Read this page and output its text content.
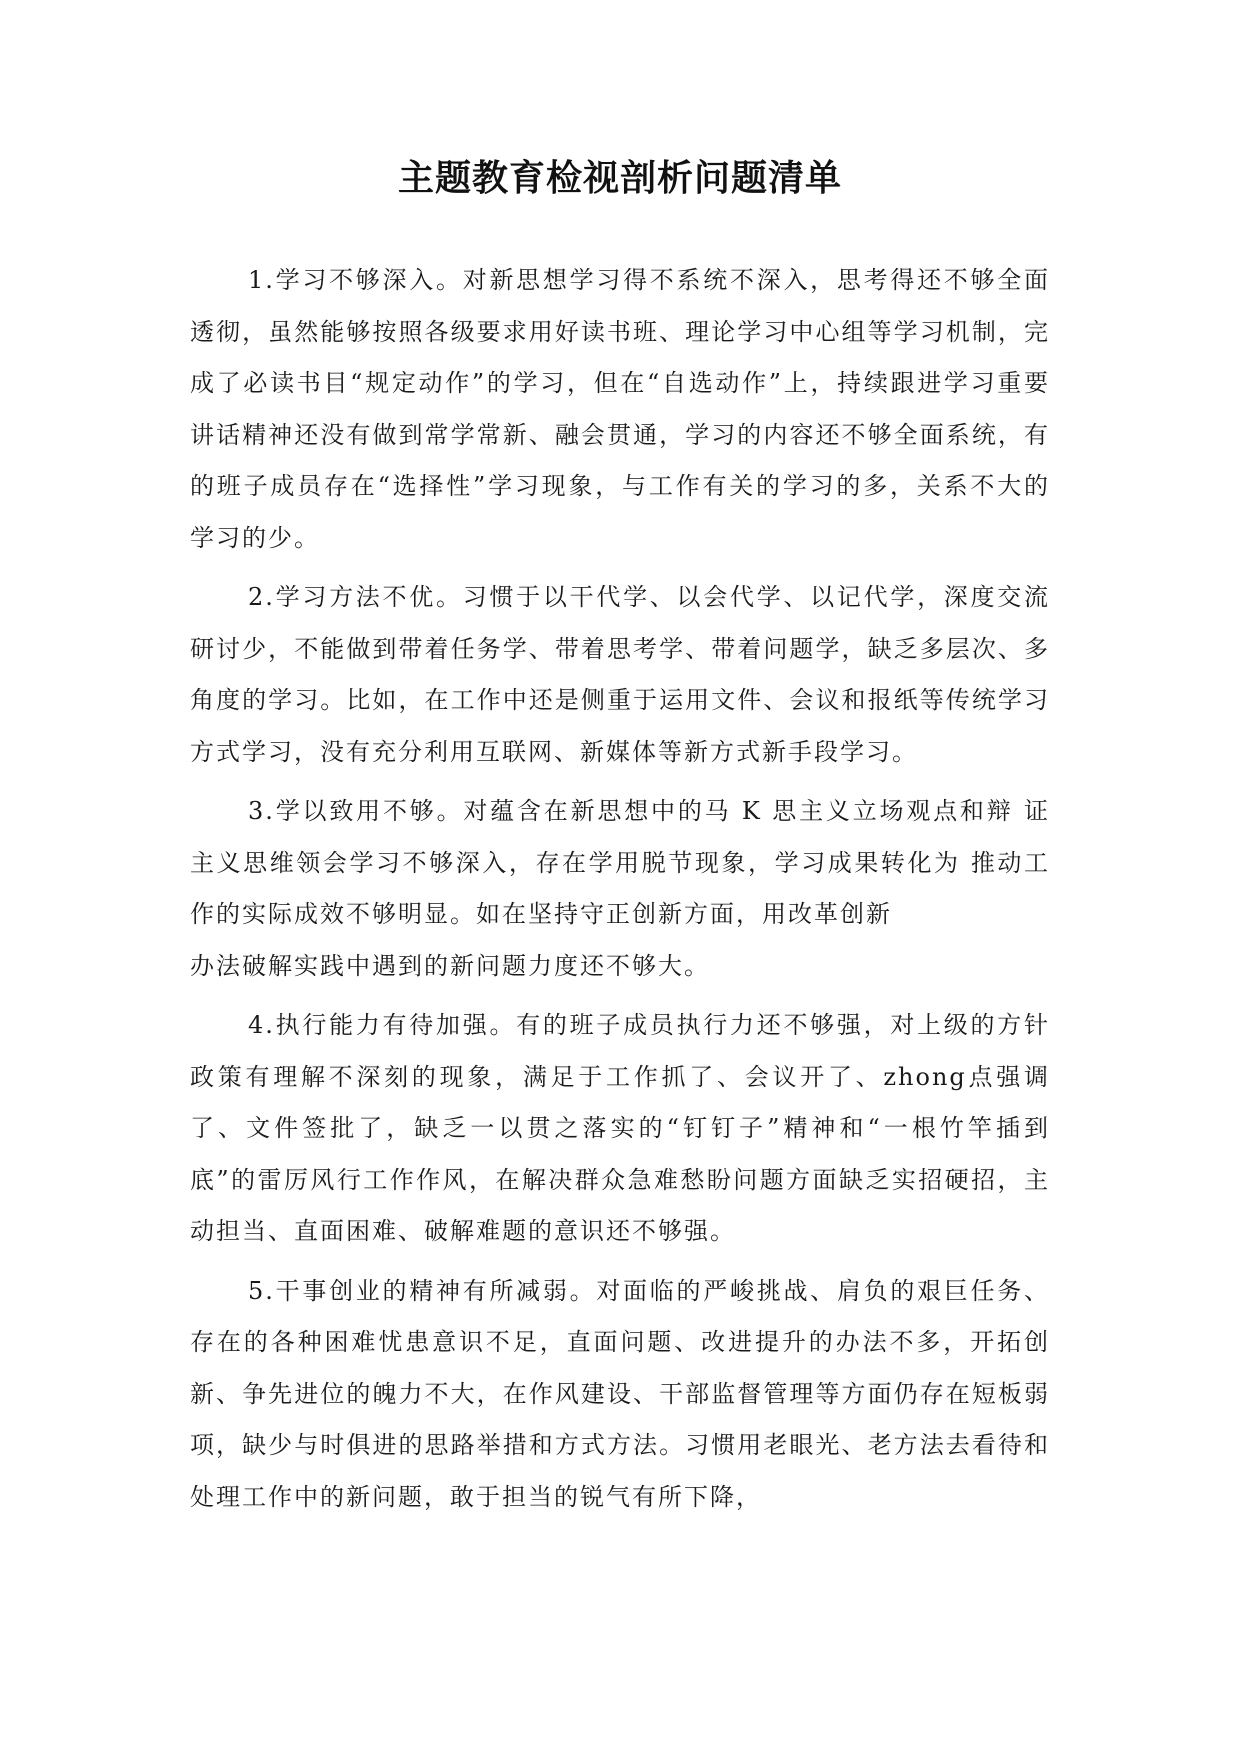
主题教育检视剖析问题清单

1.学习不够深入。对新思想学习得不系统不深入，思考得还不够全面透彻，虽然能够按照各级要求用好读书班、理论学习中心组等学习机制，完成了必读书目“规定动作”的学习，但在“自选动作”上，持续跟进学习重要讲话精神还没有做到常学常新、融会贯通，学习的内容还不够全面系统，有的班子成员存在“选择性”学习现象，与工作有关的学习的多，关系不大的学习的少。

2.学习方法不优。习惯于以干代学、以会代学、以记代学，深度交流研讨少，不能做到带着任务学、带着思考学、带着问题学，缺乏多层次、多角度的学习。比如，在工作中还是侧重于运用文件、会议和报纸等传统学习方式学习，没有充分利用互联网、新媒体等新方式新手段学习。

3.学以致用不够。对蕴含在新思想中的马 K 思主义立场观点和辩 证主义思维领会学习不够深入，存在学用脱节现象，学习成果转化为 推动工作的实际成效不够明显。如在坚持守正创新方面，用改革创新
办法破解实践中遇到的新问题力度还不够大。

4.执行能力有待加强。有的班子成员执行力还不够强，对上级的方针政策有理解不深刻的现象，满足于工作抓了、会议开了、zhong点强调了、文件签批了，缺乏一以贯之落实的“钉钉子”精神和“一根竹竿插到底”的雷厉风行工作作风，在解决群众急难愁盼问题方面缺乏实招硬招，主动担当、直面困难、破解难题的意识还不够强。

5.干事创业的精神有所减弱。对面临的严峻挑战、肩负的艰巨任务、存在的各种困难忧患意识不足，直面问题、改进提升的办法不多，开拓创新、争先进位的魄力不大，在作风建设、干部监督管理等方面仍存在短板弱项，缺少与时俱进的思路举措和方式方法。习惯用老眼光、老方法去看待和处理工作中的新问题，敢于担当的锐气有所下降，
